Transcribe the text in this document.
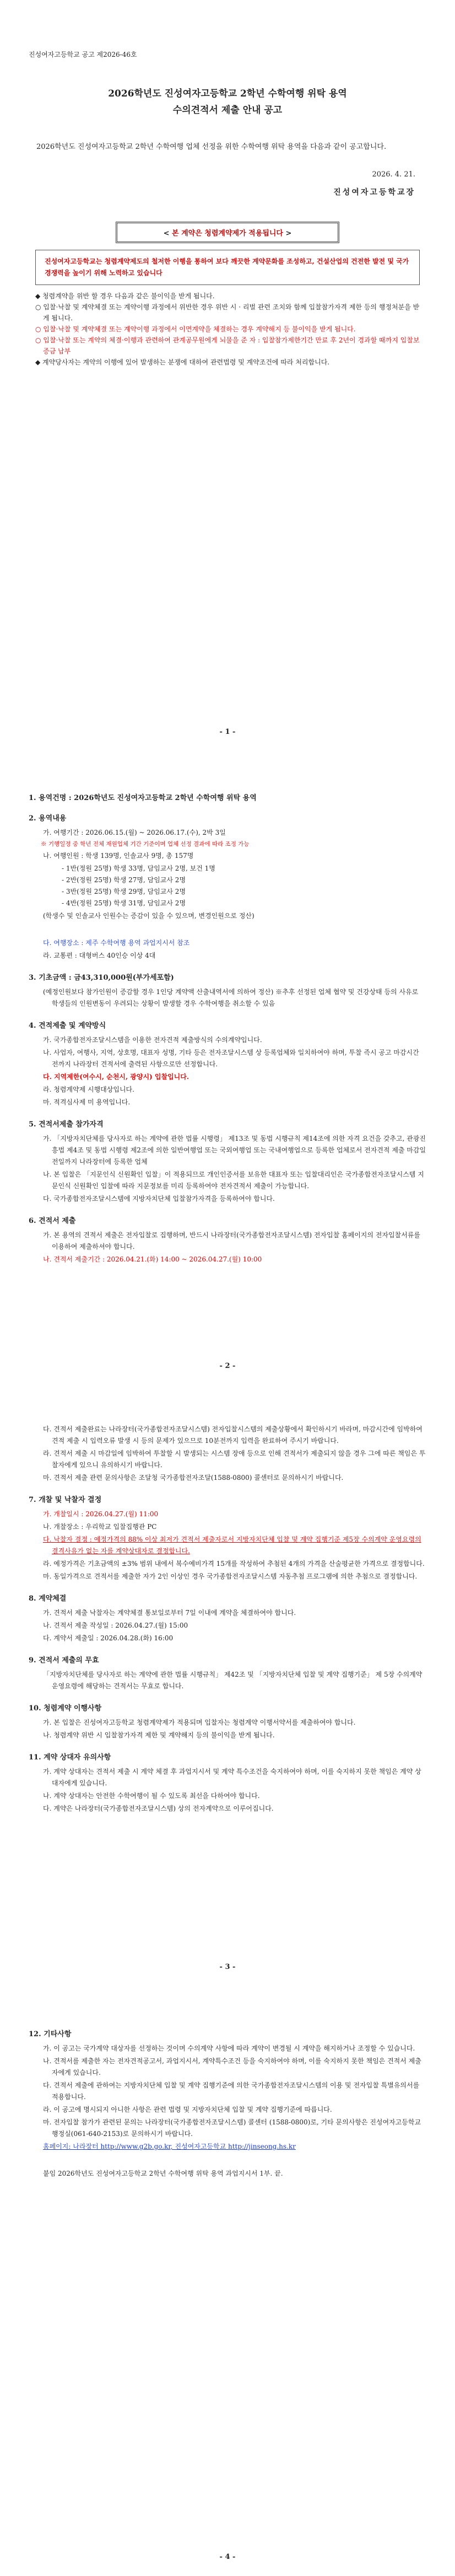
진성여자고등학교 공고 제2026-46호

2026학년도 진성여자고등학교 2학년 수학여행 위탁 용역

수의견적서 제출 안내 공고

2026학년도 진성여자고등학교 2학년 수학여행 업체 선정을 위한 수학여행 위탁 용역을 다음과 같이 공고합니다.

2026. 4. 21.

진성여자고등학교장

< 본 계약은 청렴계약제가 적용됩니다 >
진성여자고등학교는 청렴계약제도의 철저한 이행을 통하여 보다 깨끗한 계약문화를 조성하고, 건설산업의 건전한 발전 및 국가경쟁력을 높이기 위해 노력하고 있습니다
◆ 청렴계약을 위반 할 경우 다음과 같은 불이익을 받게 됩니다.
○ 입찰·낙찰 및 계약체결 또는 계약이행 과정에서 위반한 경우 위반 시 · 리벌 관련 조치와 함께 입찰참가자격 제한 등의 행정처분을 받게 됩니다.
○ 입찰·낙찰 및 계약체결 또는 계약이행 과정에서 이면계약을 체결하는 경우 계약해지 등 불이익을 받게 됩니다.
○ 입찰·낙찰 또는 계약의 체결·이행과 관련하여 관계공무원에게 뇌물을 준 자 : 입찰참가제한기간 만료 후 2년이 경과할 때까지 입찰보증금 납부
◆ 계약당사자는 계약의 이행에 있어 발생하는 분쟁에 대하여 관련법령 및 계약조건에 따라 처리합니다.
- 1 -

1. 용역건명 : 2026학년도 진성여자고등학교 2학년 수학여행 위탁 용역

2. 용역내용

가. 여행기간 : 2026.06.15.(월) ~ 2026.06.17.(수), 2박 3일

※ 기행일정 중 학년 전체 재원업체 기간 기준이며 업체 선정 결과에 따라 조정 가능

나. 여행인원 : 학생 139명, 인솔교사 9명, 총 157명

- 1반(정원 25명) 학생 33명, 담임교사 2명, 보건 1명

- 2반(정원 25명) 학생 27명, 담임교사 2명

- 3반(정원 25명) 학생 29명, 담임교사 2명

- 4반(정원 25명) 학생 31명, 담임교사 2명

(학생수 및 인솔교사 인원수는 증감이 있을 수 있으며, 변경인원으로 정산)

다. 여행장소 : 제주 수학여행 용역 과업지시서 참조

라. 교통편 : 대형버스 40인승 이상 4대

3. 기초금액 : 금43,310,000원(부가세포함)

(예정인원보다 참가인원이 증감할 경우 1인당 계약액 산출내역서에 의하여 정산) ※추후 선정된 업체 협약 및 건강상태 등의 사유로 학생들의 인원변동이 우려되는 상황이 발생할 경우 수학여행을 취소할 수 있음

4. 견적제출 및 계약방식

가. 국가종합전자조달시스템을 이용한 전자견적 제출방식의 수의계약입니다.

나. 사업자, 여행사, 지역, 상호명, 대표자 성명, 기타 등은 전자조달시스템 상 등록업체와 일치하여야 하며, 투찰 즉시 공고 마감시간 전까지 나라장터 견적서에 출력된 사항으로만 선정합니다.

다. 지역제한(여수시, 순천시, 광양시) 입찰입니다.

라. 청렴계약제 시행대상입니다.

마. 적격심사제 미 용역입니다.

5. 견적서제출 참가자격

가. 「지방자치단체를 당사자로 하는 계약에 관한 법률 시행령」 제13조 및 동법 시행규칙 제14조에 의한 자격 요건을 갖추고, 관광진흥법 제4조 및 동법 시행령 제2조에 의한 일반여행업 또는 국외여행업 또는 국내여행업으로 등록한 업체로서 전자견적 제출 마감일 전일까지 나라장터에 등록한 업체

나. 본 입찰은 「지문인식 신원확인 입찰」이 적용되므로 개인인증서를 보유한 대표자 또는 입찰대리인은 국가종합전자조달시스템 지문인식 신원확인 입찰에 따라 지문정보를 미리 등록하여야 전자견적서 제출이 가능합니다.

다. 국가종합전자조달시스템에 지방자치단체 입찰참가자격을 등록하여야 합니다.

6. 견적서 제출

가. 본 용역의 견적서 제출은 전자입찰로 집행하며, 반드시 나라장터(국가종합전자조달시스템) 전자입찰 홈페이지의 전자입찰서류를 이용하여 제출하셔야 합니다.

나. 견적서 제출기간 : 2026.04.21.(화) 14:00 ~ 2026.04.27.(월) 10:00

- 2 -

다. 견적서 제출완료는 나라장터(국가종합전자조달시스템) 전자입찰시스템의 제출상황에서 확인하시기 바라며, 마감시간에 임박하여 견적 제출 시 입력오류 발생 시 등의 문제가 있으므로 10분전까지 입력을 완료하여 주시기 바랍니다.

라. 견적서 제출 시 마감일에 임박하여 투찰할 시 발생되는 시스템 장애 등으로 인해 견적서가 제출되지 않을 경우 그에 따른 책임은 투찰자에게 있으니 유의하시기 바랍니다.

마. 견적서 제출 관련 문의사항은 조달청 국가종합전자조달(1588-0800) 콜센터로 문의하시기 바랍니다.

7. 개찰 및 낙찰자 결정

가. 개찰일시 : 2026.04.27.(월) 11:00

나. 개찰장소 : 우리학교 입찰집행관 PC

다. 낙찰자 결정 : 예정가격의 88% 이상 최저가 견적서 제출자로서 지방자치단체 입찰 및 계약 집행기준 제5장 수의계약 운영요령의 결격사유가 없는 자를 계약상대자로 결정합니다.

라. 예정가격은 기초금액의 ±3% 범위 내에서 복수예비가격 15개를 작성하여 추첨된 4개의 가격을 산술평균한 가격으로 결정합니다.

마. 동일가격으로 견적서를 제출한 자가 2인 이상인 경우 국가종합전자조달시스템 자동추첨 프로그램에 의한 추첨으로 결정합니다.

8. 계약체결

가. 견적서 제출 낙찰자는 계약체결 통보일로부터 7일 이내에 계약을 체결하여야 합니다.

나. 견적서 제출 작성일 : 2026.04.27.(월) 15:00

다. 계약서 제출일 : 2026.04.28.(화) 16:00

9. 견적서 제출의 무효

「지방자치단체를 당사자로 하는 계약에 관한 법률 시행규칙」 제42조 및 「지방자치단체 입찰 및 계약 집행기준」 제 5장 수의계약 운영요령에 해당하는 견적서는 무효로 합니다.

10. 청렴계약 이행사항

가. 본 입찰은 진성여자고등학교 청렴계약제가 적용되며 입찰자는 청렴계약 이행서약서를 제출하여야 합니다.

나. 청렴계약 위반 시 입찰참가자격 제한 및 계약해지 등의 불이익을 받게 됩니다.

11. 계약 상대자 유의사항

가. 계약 상대자는 견적서 제출 시 계약 체결 후 과업지시서 및 계약 특수조건을 숙지하여야 하며, 이를 숙지하지 못한 책임은 계약 상대자에게 있습니다.

나. 계약 상대자는 안전한 수학여행이 될 수 있도록 최선을 다하여야 합니다.

다. 계약은 나라장터(국가종합전자조달시스템) 상의 전자계약으로 이루어집니다.

- 3 -

12. 기타사항

가. 이 공고는 국가계약 대상자를 선정하는 것이며 수의계약 사항에 따라 계약이 변경될 시 계약을 해지하거나 조정할 수 있습니다.

나. 견적서를 제출한 자는 전자견적공고서, 과업지시서, 계약특수조건 등을 숙지하여야 하며, 이를 숙지하지 못한 책임은 견적서 제출자에게 있습니다.

다. 견적서 제출에 관하여는 지방자치단체 입찰 및 계약 집행기준에 의한 국가종합전자조달시스템의 이용 및 전자입찰 특별유의서를 적용합니다.

라. 이 공고에 명시되지 아니한 사항은 관련 법령 및 지방자치단체 입찰 및 계약 집행기준에 따릅니다.

마. 전자입찰 참가가 관련된 문의는 나라장터(국가종합전자조달시스템) 콜센터 (1588-0800)로, 기타 문의사항은 진성여자고등학교 행정실(061-640-2153)로 문의하시기 바랍니다.

홈페이지: 나라장터 http://www.g2b.go.kr, 진성여자고등학교 http://jinseong.hs.kr

붙임 2026학년도 진성여자고등학교 2학년 수학여행 위탁 용역 과업지시서 1부. 끝.

- 4 -
